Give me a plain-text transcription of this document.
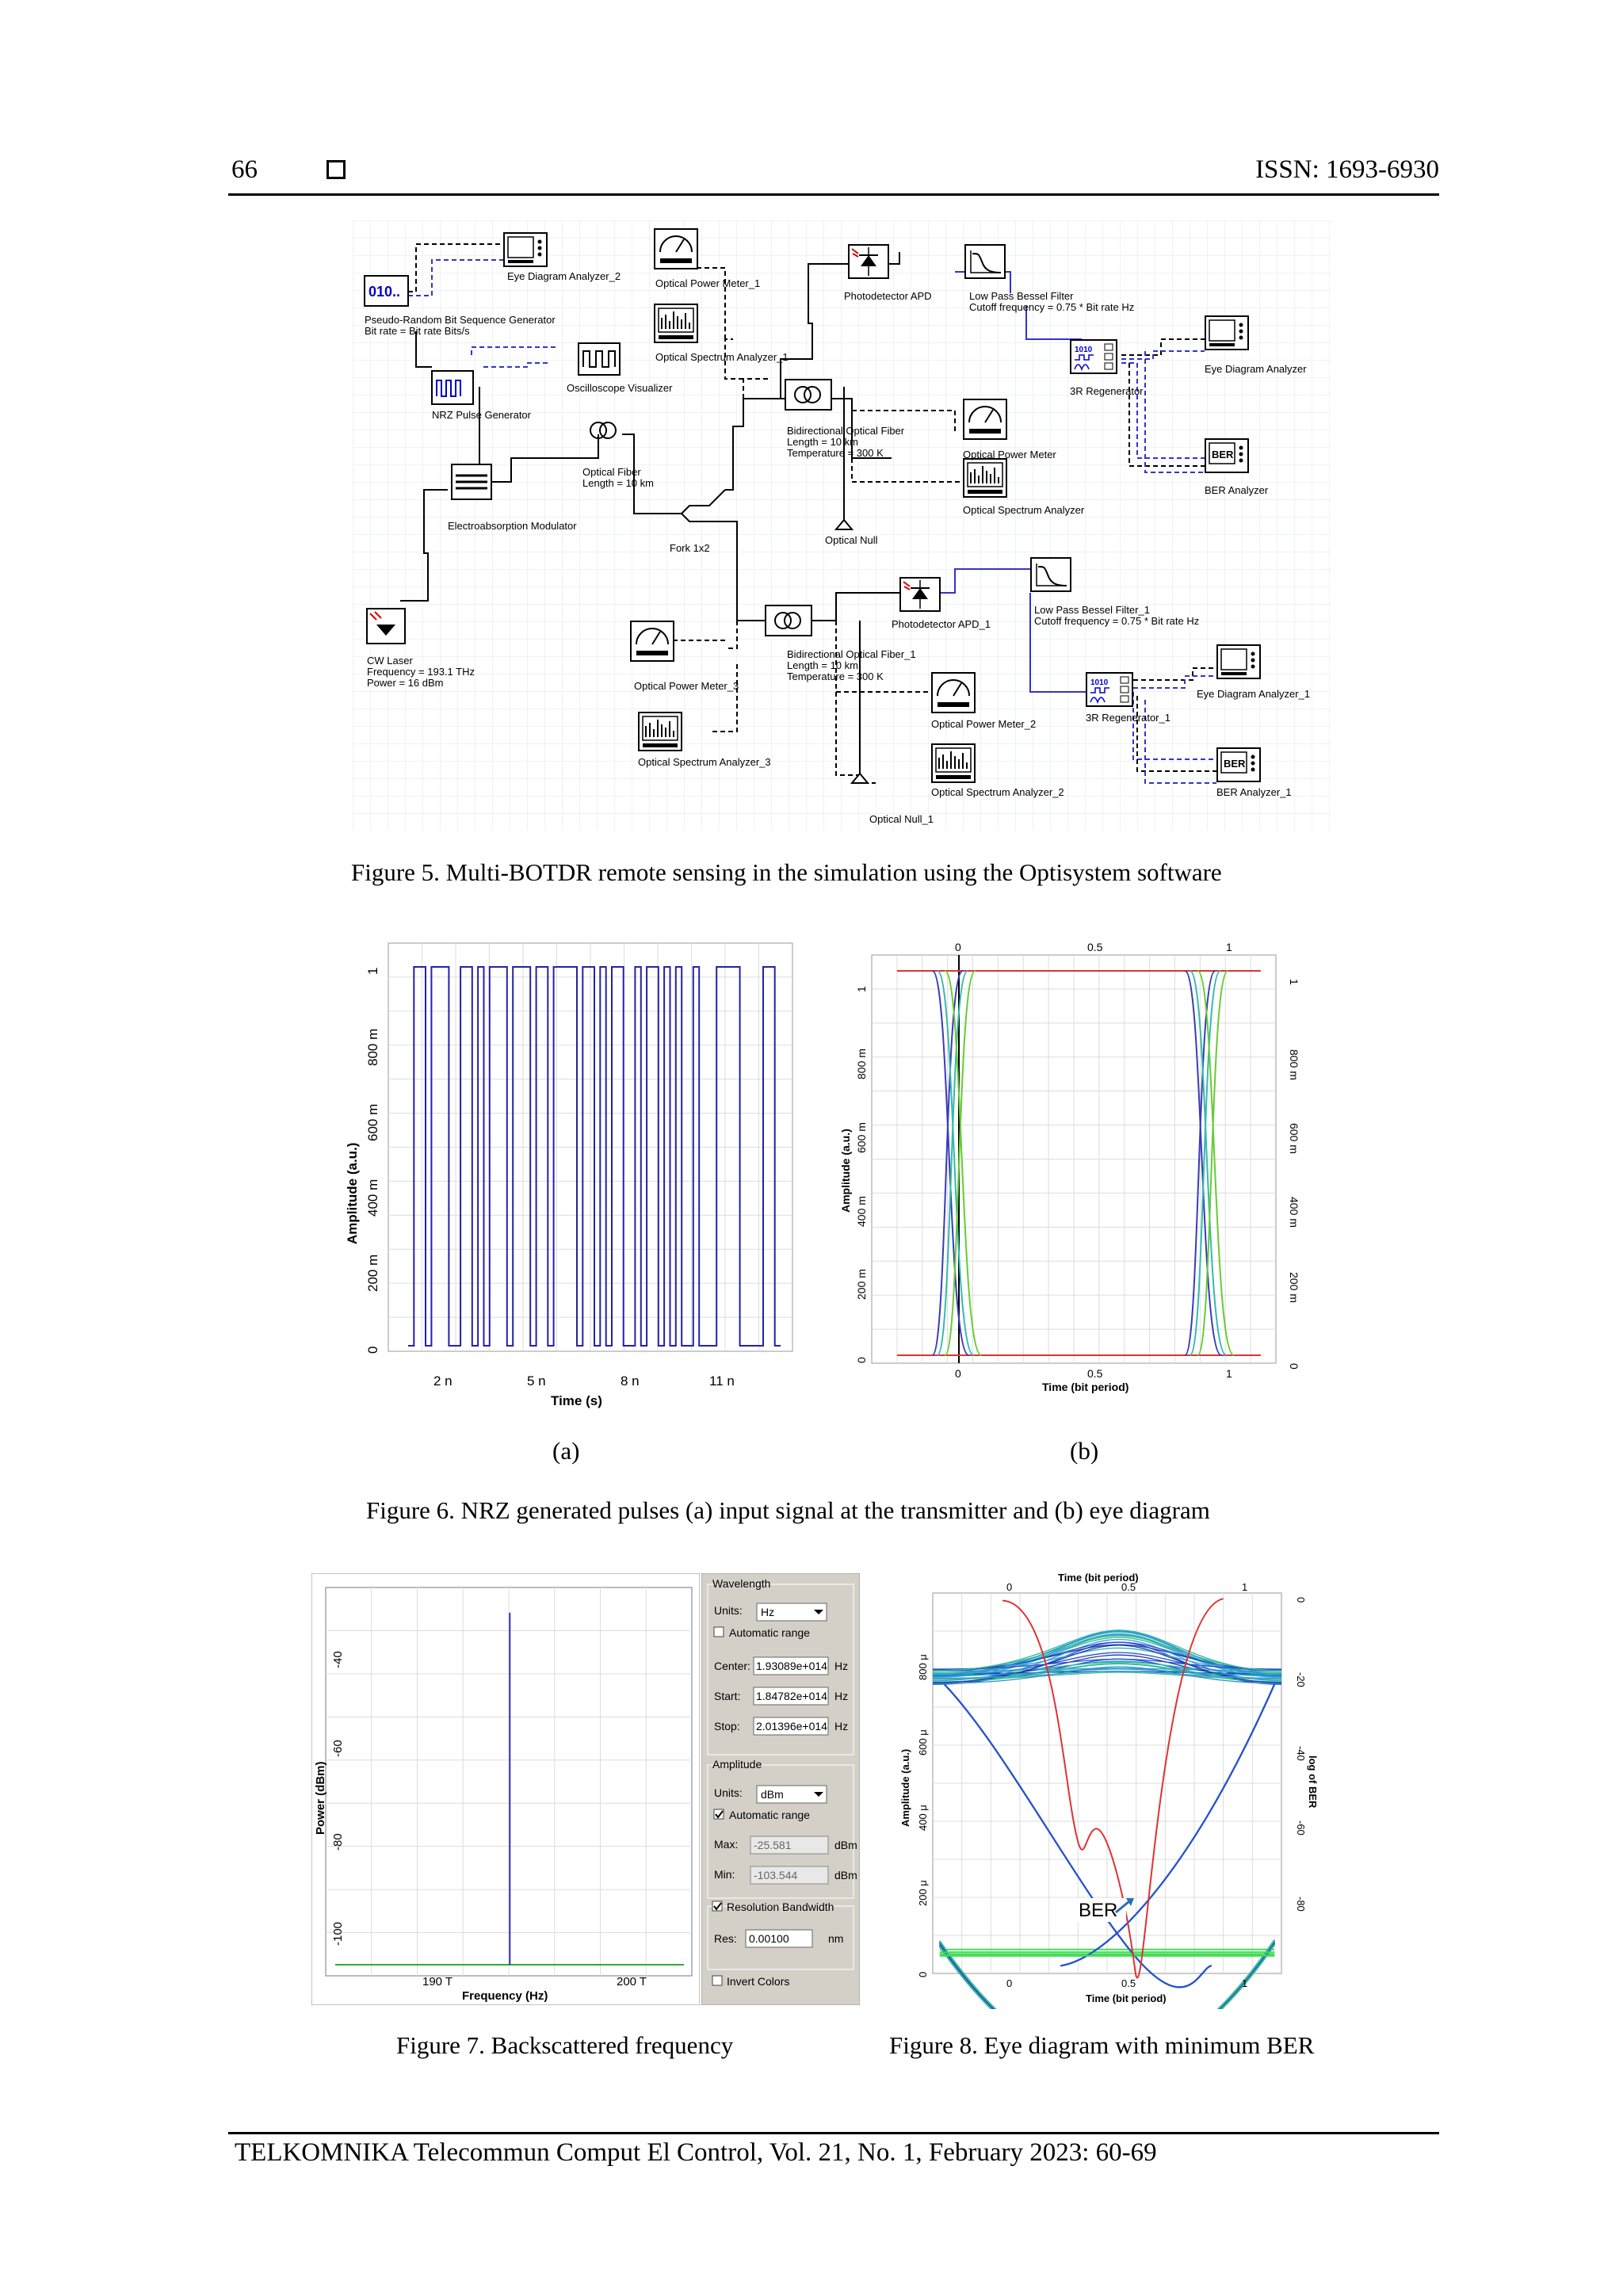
66	ISSN: 1693-6930
010..
Eye Diagram Analyzer_2
Optical Power Meter_1
Pseudo-Random Bit Sequence Generator
Bit rate = Bit rate Bits/s
Optical Spectrum Analyzer_1
Oscilloscope Visualizer
NRZ Pulse Generator
Optical Fiber
Length = 10 km
Electroabsorption Modulator
Fork 1x2
CW Laser
Frequency = 193.1 THz
Power = 16 dBm
Photodetector APD	Low Pass Bessel Filter
Cutoff frequency = 0.75 * Bit rate Hz
3R Regenerator
Eye Diagram Analyzer
Bidirectional Optical Fiber
Length = 10 km
Temperature = 300 K	Optical Power Meter
BER Analyzer
Optical Spectrum Analyzer
Optical Null
Photodetector APD_1
Low Pass Bessel Filter_1
Cutoff frequency = 0.75 * Bit rate Hz
Optical Power Meter_3
Bidirectional Optical Fiber_1
Length = 10 km
Temperature = 300 K
Eye Diagram Analyzer_1
Optical Power Meter_2
3R Regenerator_1
Optical Spectrum Analyzer_3
Optical Spectrum Analyzer_2	BER Analyzer_1
Optical Null_1
Figure 5. Multi-BOTDR remote sensing in the simulation using the Optisystem software
Amplitude (a.u.)
Time (s)
2 n	5 n	8 n	11 n
0
200 m
400 m
600 m
800 m
1
0	0.5	1
0	0.5	1
Time (bit period)
Amplitude (a.u.)
0
200 m
400 m
600 m
800 m
1
0
200 m
400 m
600 m
800 m
1
(a)	(b)
Figure 6. NRZ generated pulses (a) input signal at the transmitter and (b) eye diagram
190 T	200 T
Frequency (Hz)
Power (dBm)
-40
-60
-80
-100
Wavelength
Units: Hz
Automatic range
Center: 1.93089e+014 Hz
Start: 1.84782e+014 Hz
Stop: 2.01396e+014 Hz
Amplitude
Units: dBm
Automatic range
Max: -25.581	dBm
Min: -103.544	dBm
Resolution Bandwidth
Res: 0.00100	nm
Invert Colors
Time (bit period)
0	0.5	1
0	0.5	1
Time (bit period)
Amplitude (a.u.)
0
200 μ
400 μ
600 μ
800 μ
0
-20
-40
-60
-80
log of BER
BER
Figure 7. Backscattered frequency	Figure 8. Eye diagram with minimum BER
TELKOMNIKA Telecommun Comput El Control, Vol. 21, No. 1, February 2023: 60-69
